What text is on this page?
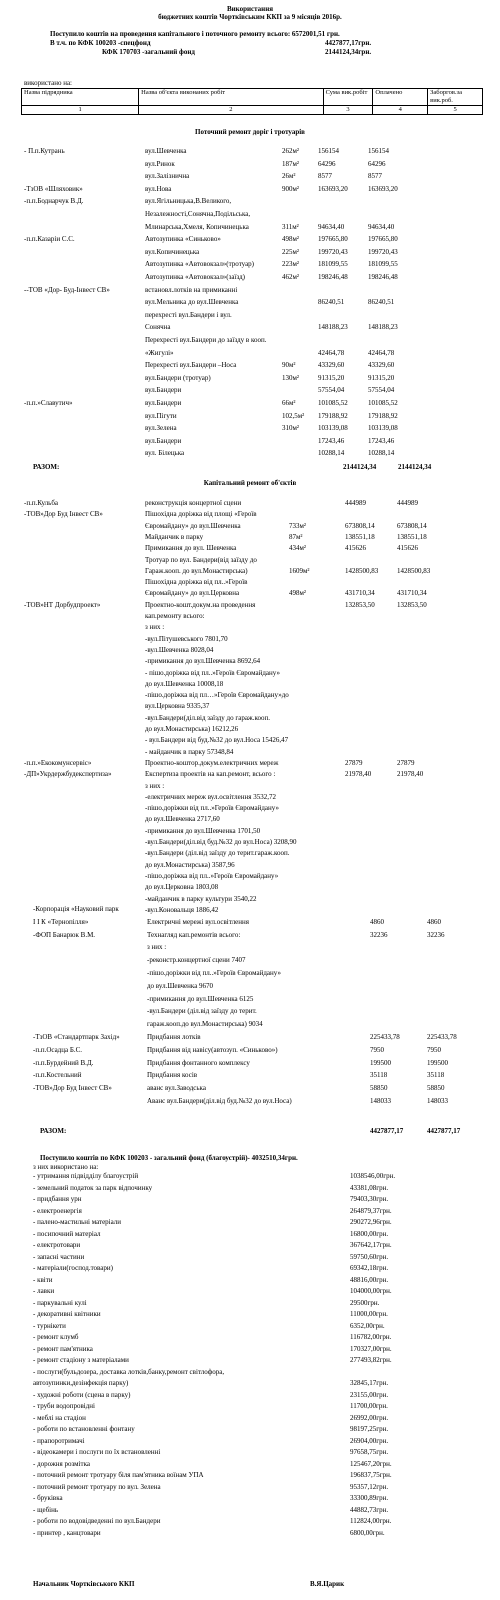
Використання
бюджетних коштів Чортківським ККП за 9 місяців 2016р.
Поступило коштів на проведення капітального і поточного ремонту всього: 6572001,51 грн.
В т.ч. по КФК 100203 -спецфонд	4427877,17грн.
КФК 170703 -загальний фонд	2144124,34грн.
використано на:
Назва підрядника	Назва об'єкта виконаних робіт	Сума вик.робіт	Оплачено	Заборгов.за вик.роб.
1	2	3	4	5
Поточний ремонт доріг і тротуарів
- П.п.Кутрань	вул.Шевченка	262м²	156154	156154
вул.Ринок	187м²	64296	64296
вул.Залізнична	26м²	8577	8577
-ТзОВ «Шляховик»	вул.Нова	900м²	163693,20	163693,20
-п.п.Боднарчук В.Д.	вул.Ягільницька,В.Великого,
Незалежності,Сонячна,Подільська,
Млинарська,Хмеля, Копичинецька	311м²	94634,40	94634,40
-п.п.Казаріи С.С.	Автозупинка «Синьково»	498м²	197665,80	197665,80
вул.Копичинецька	225м²	199720,43	199720,43
Автозупинка «Автовокзал»(тротуар)	223м²	181099,55	181099,55
Автозупинка «Автовокзал»(заїзд)	462м²	198246,48	198246,48
--ТОВ «Дор- Буд-Інвест СВ»	встановл.лотків на примиканні
вул.Мельника до вул.Шевченка	86240,51	86240,51
перехресті вул.Бандери і вул.
Сонячна	148188,23	148188,23
Перехресті вул.Бандери до заїзду в кооп.
«Жигулі»	42464,78	42464,78
Перехресті вул.Бандери –Носа	90м²	43329,60	43329,60
вул.Бандери (тротуар)	130м²	91315,20	91315,20
вул.Бандери	57554,04	57554,04
-п.п.»Славутич»	вул.Бандери	66м²	101085,52	101085,52
вул.Пігути	102,5м² 179188,92	179188,92
вул.Зелена	310м²	103139,08	103139,08
вул.Бандери	17243,46	17243,46
вул. Білецька	10288,14	10288,14
РАЗОМ:	2144124,34	2144124,34
Капітальний ремонт об'єктів
-п.п.Кульба	реконструкція концертної сцени	444989	444989
-ТОВ»Дор Буд Інвест СВ»	Пішохідна доріжка від площі «Героїв
Євромайдану» до вул.Шевченка	733м²	673808,14	673808,14
Майданчик в парку	87м²	138551,18	138551,18
Примикання до вул. Шевченка	434м²	415626	415626
Тротуар по вул. Бандери(від заїзду до
Гараж.кооп. до вул.Монастирська)	1609м²	1428500,83	1428500,83
Пішохідна доріжка від пл..»Героїв
Євромайдану» до вул.Церковна	498м²	431710,34	431710,34
-ТОВ»НТ Дорбудпроект»	Проектно-кошт.докум.на проведення	132853,50	132853,50
кап.ремонту всього:
з них :
-вул.Пітушевського 7801,70
-вул.Шевченка 8028,04
-примикання до вул.Шевченка 8692,64
- пішо.доріжка від пл..»Героїв Євромайдану»
до вул.Шевченка 10008,18
-пішо.доріжка від пл…»Героїв Євромайдану»до
вул.Церковна 9335,37
-вул.Бандери(діл.від заїзду до гараж.кооп.
до вул.Монастирська) 16212,26
- вул.Бандери від буд.№32 до вул.Носа 15426,47
- майданчик в парку 57348,84
-п.п.»Екокомунсервіс»	Проектно-коштор.докум.електричних мереж	27879	27879
-ДП»Укрдержбудекспертиза»	Експертиза проектів на кап.ремонт, всього :	21978,40	21978,40
з них :
-електричних мереж вул.освітлення 3532,72
-пішо.доріжки від пл..»Героїв Євромайдану»
до вул.Шевченка 2717,60
-примикання до вул.Шевченка 1701,50
-вул.Бандери(діл.від буд.№32 до вул.Носа) 3208,90
-вул.Бандери (діл.від заїзду до терит.гараж.кооп.
до вул.Монастирська) 3587,96
-пішо.доріжка від пл..»Героїв Євромайдану»
до вул.Церковна 1803,08
-майданчик в парку культури 3540,22
-вул.Коновальця 1886,42
-Корпорація «Науковий парк
І І К «Тернопілля»	Електричні мережі вул.освітлення	4860	4860
-ФОП Банарюк В.М.	Технагляд кап.ремонтів всього:	32236	32236
з них :
-реконстр.концертної сцени 7407
-пішо.доріжки від пл..»Героїв Євромайдану»
до вул.Шевченка 9670
-примикання до вул.Шевченка 6125
-вул.Бандери (діл.від заїзду до терит.
гараж.кооп.до вул.Монастирська) 9034
-ТзОВ «Стандартпарк Захід»	Придбання лотків	225433,78	225433,78
-п.п.Осадца Б.С.	Придбання від навісу(автозуп. «Синьково»)	7950	7950
-п.п.Бурдейний В.Д.	Придбання фонтанного комплексу	199500	199500
-п.п.Костельний	Придбання косів	35118	35118
-ТОВ»Дор Буд Інвест СВ»	аванс вул.Заводська	58850	58850
Аванс вул.Бандери(діл.від буд.№32 до вул.Носа)	148033	148033
РАЗОМ:	4427877,17	4427877,17
Поступило коштів по КФК 100203 - загальний фонд (благоустрій)- 4032510,34грн.
з них використано на:
- утримання підвідділу благоустрій	1038546,00грн.
- земельний податок за парк відпочинку	43381,08грн.
- придбання урн	79403,30грн.
- електроенергія	264879,37грн.
- палено-мастильні матеріали	290272,96грн.
- посипочний матеріал	16800,00грн.
- електротовари	367642,17грн.
- запасні частини	59750,60грн.
- матеріали(господ.товари)	69342,18грн.
- квіти	48816,00грн.
- лавки	104000,00грн.
- паркувальні кулі	29500грн.
- декоративні квітники	11000,00грн.
- турнікети	6352,00грн.
- ремонт клумб	116782,00грн.
- ремонт пам'ятника	170327,00грн.
- ремонт стадіону з матеріалами	277493,82грн.
- послуги(бульдозера, доставка лотків,банку,ремонт світлофора,
автозупинки,дезінфекція парку)	32845,17грн.
- художні роботи (сцена в парку)	23155,00грн.
- труби водопровідні	11700,00грн.
- меблі на стадіон	26992,00грн.
- роботи по встановленні фонтану	98197,25грн.
- прапоротримачі	26904,00грн.
- відеокамери і послуги по їх встановленні	97658,75грн.
- дорожня розмітка	125467,20грн.
- поточний ремонт тротуару біля пам'ятника воїнам УПА	196837,75грн.
- поточний ремонт тротуару по вул. Зелена	95357,12грн.
- бруківка	33300,89грн.
- щебінь	44882,73грн.
- роботи по водовідведенні по вул.Бандери	112824,00грн.
- принтер , канцтовари	6800,00грн.
Начальник Чортківського ККП	В.Я.Царик
